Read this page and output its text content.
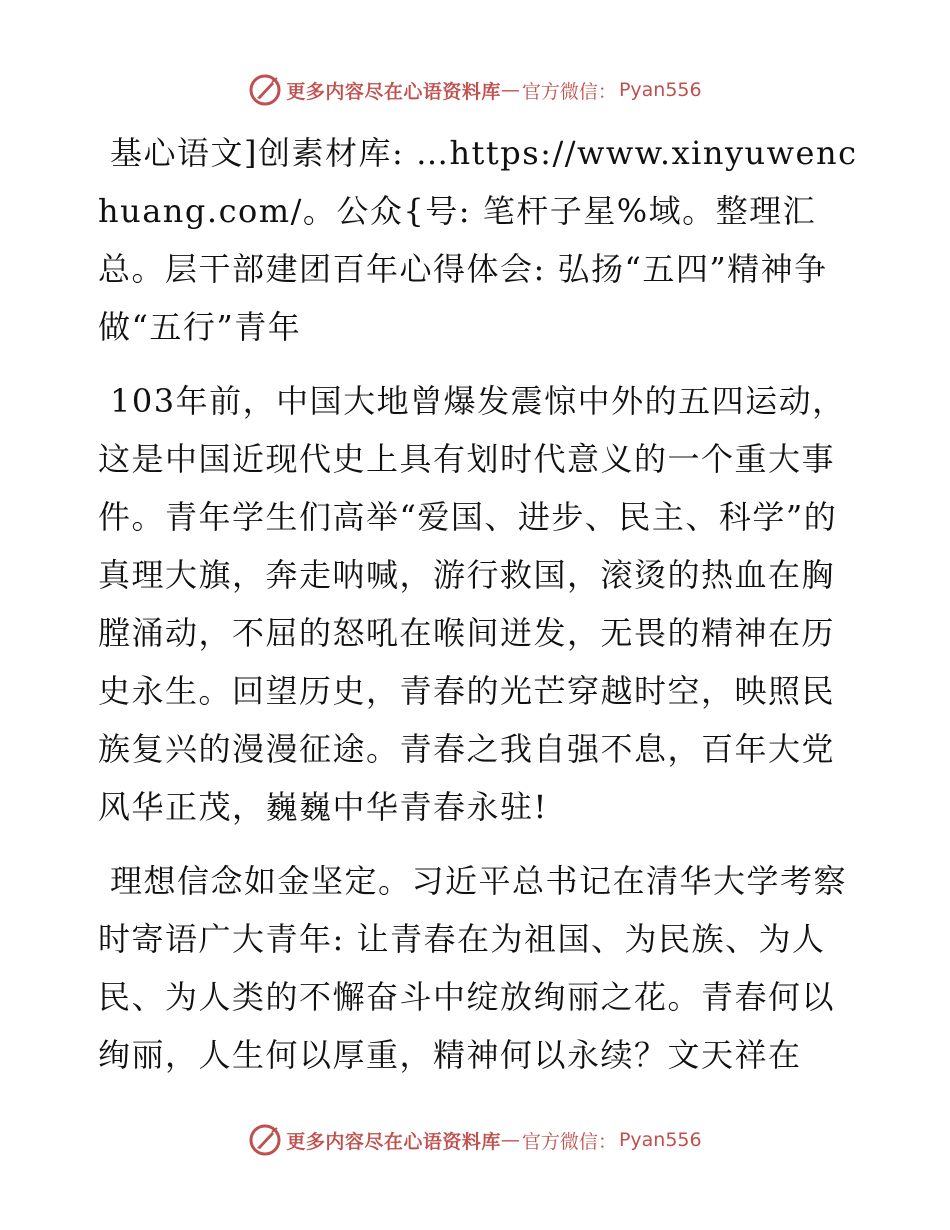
更多内容尽在心语资料库 — 官方微信： Pyan556

基心语文]创素材库: …https://www.xinyuwenchuang.com/。公众{号: 笔杆子星%域。整理汇总。层干部建团百年心得体会: 弘扬“五四”精神争做“五行”青年

103年前，中国大地曾爆发震惊中外的五四运动，这是中国近现代史上具有划时代意义的一个重大事件。青年学生们高举“爱国、进步、民主、科学”的真理大旗，奔走呐喊，游行救国，滚烫的热血在胸膛涌动，不屈的怒吼在喉间迸发，无畏的精神在历史永生。回望历史，青春的光芒穿越时空，映照民族复兴的漫漫征途。青春之我自强不息，百年大党风华正茂，巍巍中华青春永驻!

理想信念如金坚定。习近平总书记在清华大学考察时寄语广大青年: 让青春在为祖国、为民族、为人民、为人类的不懈奋斗中绽放绚丽之花。青春何以绚丽，人生何以厚重，精神何以永续？文天祥在

更多内容尽在心语资料库 — 官方微信： Pyan556
